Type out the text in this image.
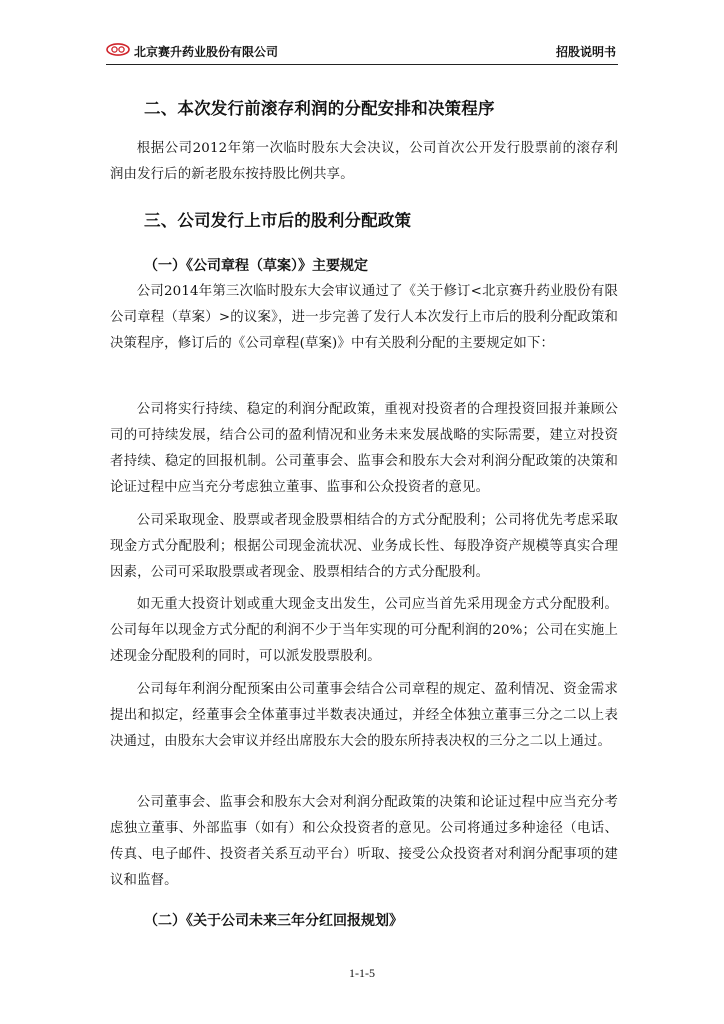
北京赛升药业股份有限公司	招股说明书
二、本次发行前滚存利润的分配安排和决策程序

根据公司2012年第一次临时股东大会决议，公司首次公开发行股票前的滚存利润由发行后的新老股东按持股比例共享。

三、公司发行上市后的股利分配政策
（一）《公司章程（草案）》主要规定

公司2014年第三次临时股东大会审议通过了《关于修订<北京赛升药业股份有限公司章程（草案）>的议案》，进一步完善了发行人本次发行上市后的股利分配政策和决策程序，修订后的《公司章程(草案)》中有关股利分配的主要规定如下：

公司将实行持续、稳定的利润分配政策，重视对投资者的合理投资回报并兼顾公司的可持续发展，结合公司的盈利情况和业务未来发展战略的实际需要，建立对投资者持续、稳定的回报机制。公司董事会、监事会和股东大会对利润分配政策的决策和论证过程中应当充分考虑独立董事、监事和公众投资者的意见。

公司采取现金、股票或者现金股票相结合的方式分配股利；公司将优先考虑采取现金方式分配股利；根据公司现金流状况、业务成长性、每股净资产规模等真实合理因素，公司可采取股票或者现金、股票相结合的方式分配股利。

如无重大投资计划或重大现金支出发生，公司应当首先采用现金方式分配股利。公司每年以现金方式分配的利润不少于当年实现的可分配利润的20%；公司在实施上述现金分配股利的同时，可以派发股票股利。

公司每年利润分配预案由公司董事会结合公司章程的规定、盈利情况、资金需求提出和拟定，经董事会全体董事过半数表决通过，并经全体独立董事三分之二以上表决通过，由股东大会审议并经出席股东大会的股东所持表决权的三分之二以上通过。

公司董事会、监事会和股东大会对利润分配政策的决策和论证过程中应当充分考虑独立董事、外部监事（如有）和公众投资者的意见。公司将通过多种途径（电话、传真、电子邮件、投资者关系互动平台）听取、接受公众投资者对利润分配事项的建议和监督。

（二）《关于公司未来三年分红回报规划》
1-1-5
